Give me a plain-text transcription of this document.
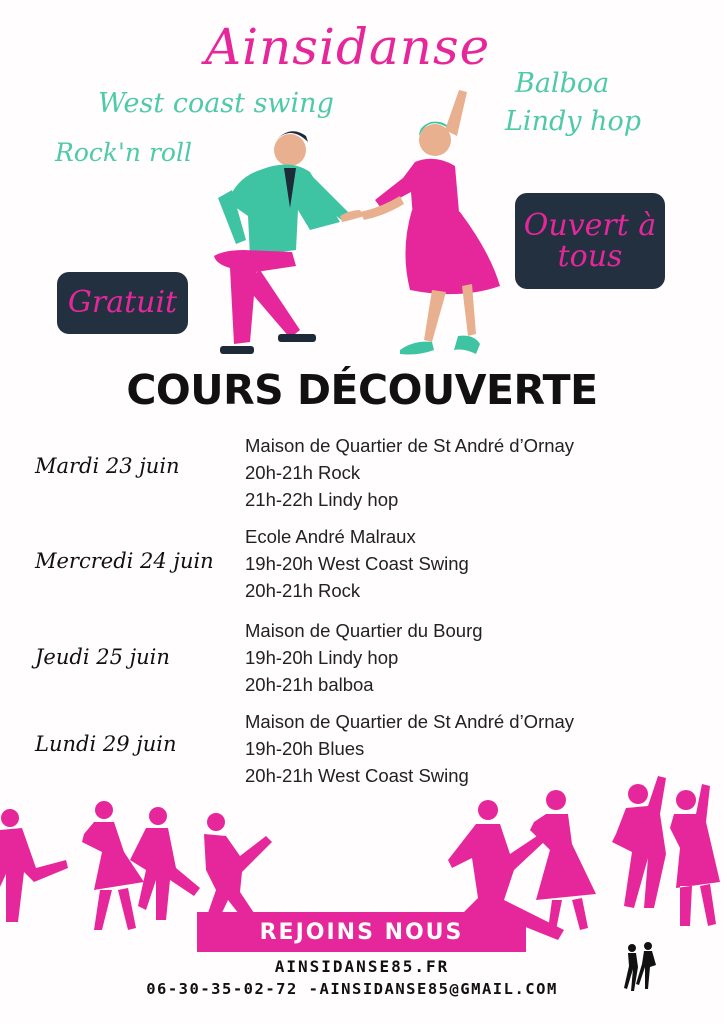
Ainsidanse
West coast swing
Rock'n roll
Balboa
Lindy hop
Ouvert à tous
Gratuit
COURS DÉCOUVERTE
Mardi 23 juin
Maison de Quartier de St André d’Ornay
20h-21h Rock
21h-22h Lindy hop
Mercredi 24 juin
Ecole André Malraux
19h-20h West Coast Swing
20h-21h Rock
Jeudi 25 juin
Maison de Quartier du Bourg
19h-20h Lindy hop
20h-21h balboa
Lundi 29 juin
Maison de Quartier de St André d’Ornay
19h-20h Blues
20h-21h West Coast Swing
REJOINS NOUS
AINSIDANSE85.FR
06-30-35-02-72 -AINSIDANSE85@GMAIL.COM
